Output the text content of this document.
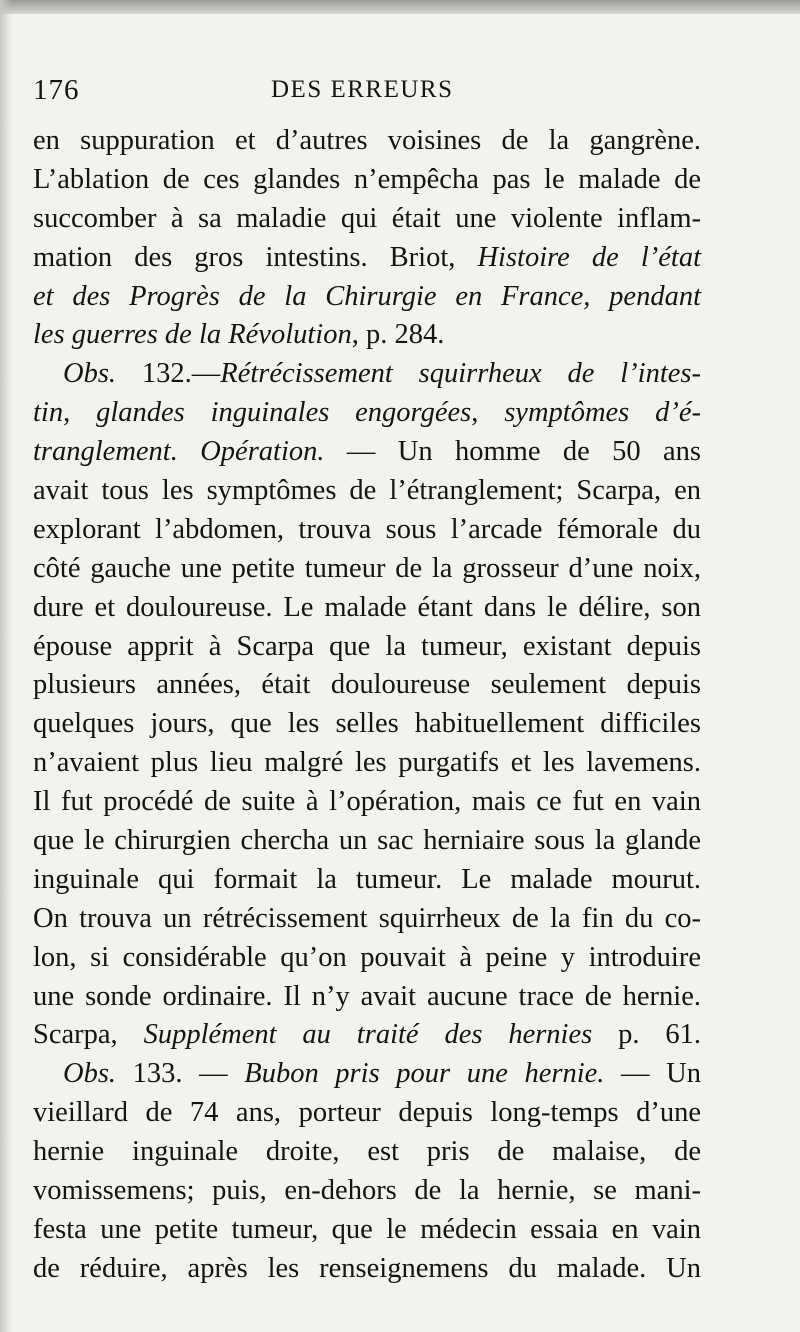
176	DES ERREURS
en suppuration et d’autres voisines de la gangrène.
L’ablation de ces glandes n’empêcha pas le malade de
succomber à sa maladie qui était une violente inflam-
mation des gros intestins. Briot, Histoire de l’état
et des Progrès de la Chirurgie en France, pendant
les guerres de la Révolution, p. 284.
Obs. 132.—Rétrécissement squirrheux de l’intes-
tin, glandes inguinales engorgées, symptômes d’é-
tranglement. Opération. — Un homme de 50 ans
avait tous les symptômes de l’étranglement; Scarpa, en
explorant l’abdomen, trouva sous l’arcade fémorale du
côté gauche une petite tumeur de la grosseur d’une noix,
dure et douloureuse. Le malade étant dans le délire, son
épouse apprit à Scarpa que la tumeur, existant depuis
plusieurs années, était douloureuse seulement depuis
quelques jours, que les selles habituellement difficiles
n’avaient plus lieu malgré les purgatifs et les lavemens.
Il fut procédé de suite à l’opération, mais ce fut en vain
que le chirurgien chercha un sac herniaire sous la glande
inguinale qui formait la tumeur. Le malade mourut.
On trouva un rétrécissement squirrheux de la fin du co-
lon, si considérable qu’on pouvait à peine y introduire
une sonde ordinaire. Il n’y avait aucune trace de hernie.
Scarpa, Supplément au traité des hernies p. 61.
Obs. 133. — Bubon pris pour une hernie. — Un
vieillard de 74 ans, porteur depuis long-temps d’une
hernie inguinale droite, est pris de malaise, de
vomissemens; puis, en-dehors de la hernie, se mani-
festa une petite tumeur, que le médecin essaia en vain
de réduire, après les renseignemens du malade. Un
